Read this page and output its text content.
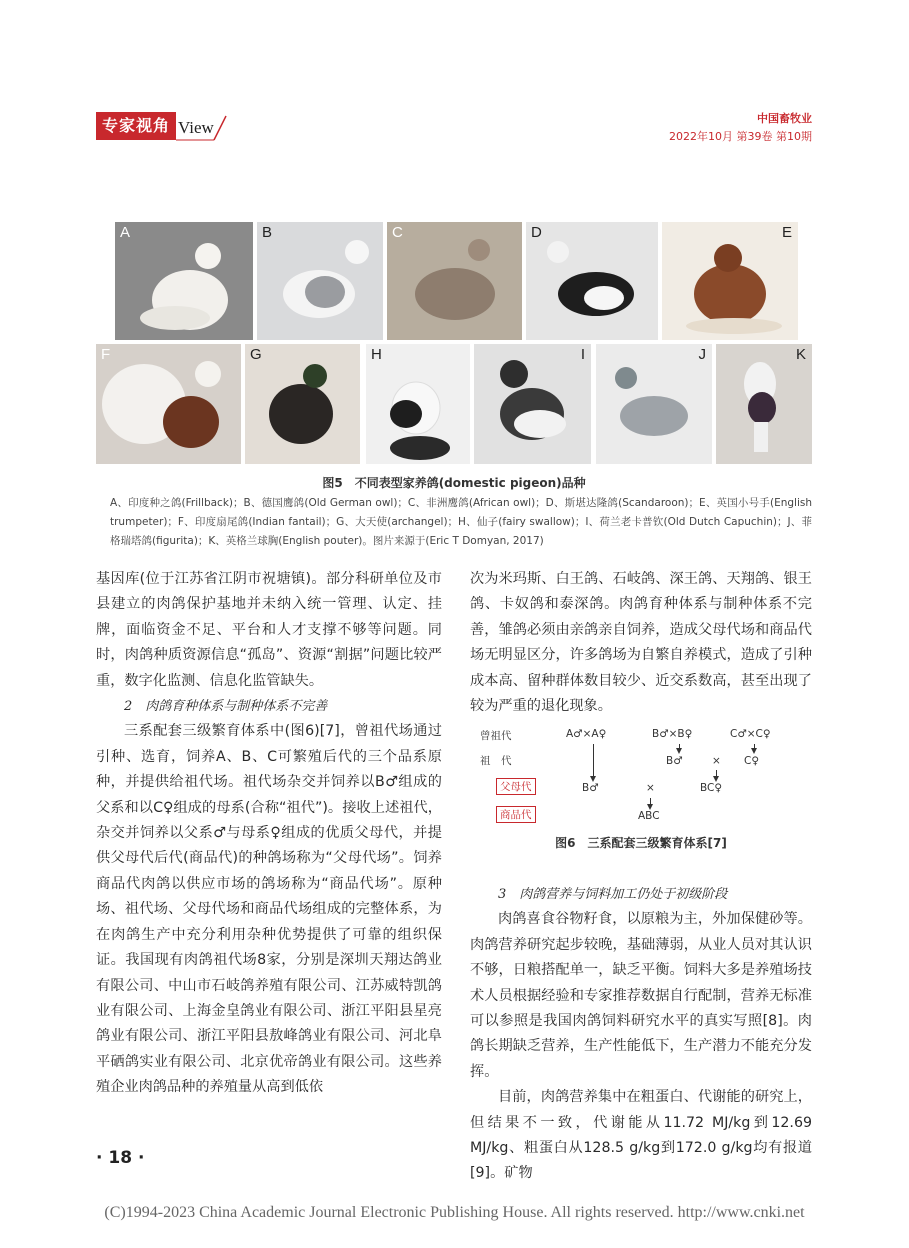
专家视角 View	中国畜牧业
2022年10月 第39卷 第10期
A	B	C	D	E
F	G	H	I	J	K
图5　不同表型家养鸽(domestic pigeon)品种
A、印度种之鸽(Frillback)；B、德国鹰鸽(Old German owl)；C、非洲鹰鸽(African owl)；D、斯堪达隆鸽(Scandaroon)；E、英国小号手(English trumpeter)；F、印度扇尾鸽(Indian fantail)；G、大天使(archangel)；H、仙子(fairy swallow)；I、荷兰老卡普钦(Old Dutch Capuchin)；J、菲格瑞塔鸽(figurita)；K、英格兰球胸(English pouter)。图片来源于(Eric T Domyan, 2017)

基因库(位于江苏省江阴市祝塘镇)。部分科研单位及市县建立的肉鸽保护基地并未纳入统一管理、认定、挂牌，面临资金不足、平台和人才支撑不够等问题。同时，肉鸽种质资源信息“孤岛”、资源“割据”问题比较严重，数字化监测、信息化监管缺失。

2　肉鸽育种体系与制种体系不完善

三系配套三级繁育体系中(图6)[7]，曾祖代场通过引种、选育，饲养A、B、C可繁殖后代的三个品系原种，并提供给祖代场。祖代场杂交并饲养以B♂组成的父系和以C♀组成的母系(合称“祖代”)。接收上述祖代，杂交并饲养以父系♂与母系♀组成的优质父母代，并提供父母代后代(商品代)的种鸽场称为“父母代场”。饲养商品代肉鸽以供应市场的鸽场称为“商品代场”。原种场、祖代场、父母代场和商品代场组成的完整体系，为在肉鸽生产中充分利用杂种优势提供了可靠的组织保证。我国现有肉鸽祖代场8家，分别是深圳天翔达鸽业有限公司、中山市石岐鸽养殖有限公司、江苏威特凯鸽业有限公司、上海金皇鸽业有限公司、浙江平阳县星亮鸽业有限公司、浙江平阳县敖峰鸽业有限公司、河北阜平硒鸽实业有限公司、北京优帝鸽业有限公司。这些养殖企业肉鸽品种的养殖量从高到低依

次为米玛斯、白王鸽、石岐鸽、深王鸽、天翔鸽、银王鸽、卡奴鸽和泰深鸽。肉鸽育种体系与制种体系不完善，雏鸽必须由亲鸽亲自饲养，造成父母代场和商品代场无明显区分，许多鸽场为自繁自养模式，造成了引种成本高、留种群体数目较少、近交系数高，甚至出现了较为严重的退化现象。

曾祖代
祖　代
父母代
商品代
A♂×A♀	B♂×B♀	C♂×C♀
B♂	× C♀
B♂	×	BC♀
ABC
图6　三系配套三级繁育体系[7]

3　肉鸽营养与饲料加工仍处于初级阶段

肉鸽喜食谷物籽食，以原粮为主，外加保健砂等。肉鸽营养研究起步较晚，基础薄弱，从业人员对其认识不够，日粮搭配单一，缺乏平衡。饲料大多是养殖场技术人员根据经验和专家推荐数据自行配制，营养无标准可以参照是我国肉鸽饲料研究水平的真实写照[8]。肉鸽长期缺乏营养，生产性能低下，生产潜力不能充分发挥。

目前，肉鸽营养集中在粗蛋白、代谢能的研究上，但结果不一致，代谢能从11.72 MJ/kg到12.69 MJ/kg、粗蛋白从128.5 g/kg到172.0 g/kg均有报道[9]。矿物

· 18 ·
(C)1994-2023 China Academic Journal Electronic Publishing House. All rights reserved. http://www.cnki.net
